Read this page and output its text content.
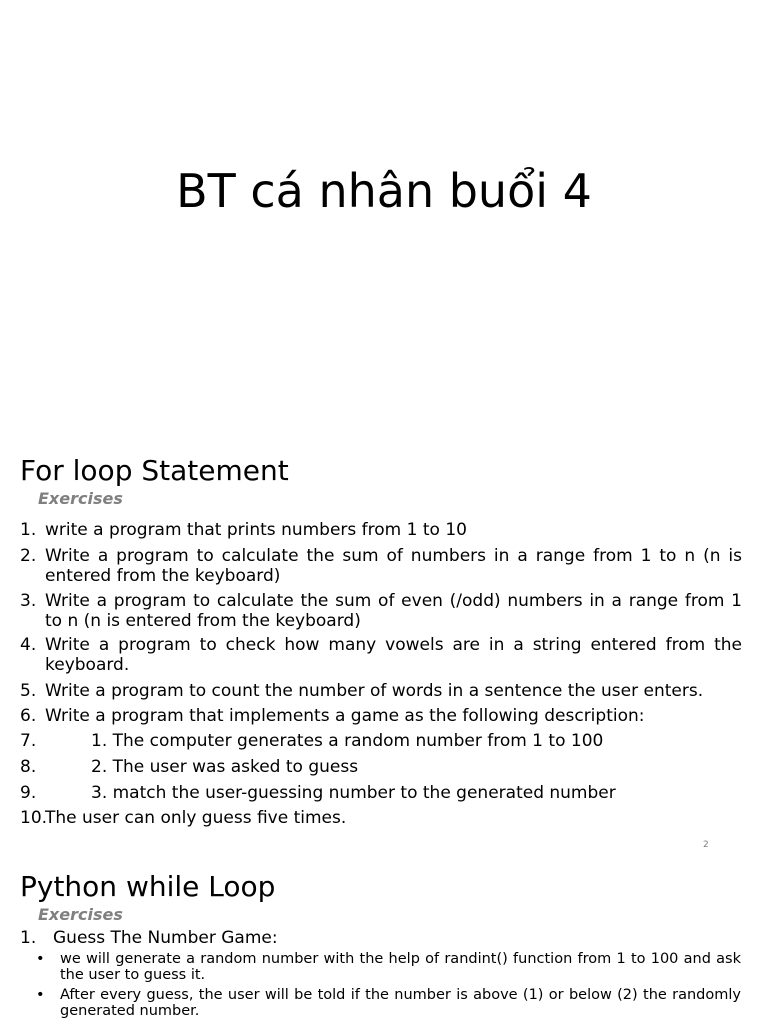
BT cá nhân buổi 4
For loop Statement
Exercises
1. write a program that prints numbers from 1 to 10
2. Write a program to calculate the sum of numbers in a range from 1 to n (n is entered from the keyboard)
3. Write a program to calculate the sum of even (/odd) numbers in a range from 1 to n (n is entered from the keyboard)
4. Write a program to check how many vowels are in a string entered from the keyboard.
5. Write a program to count the number of words in a sentence the user enters.
6. Write a program that implements a game as the following description:
7.	1. The computer generates a random number from 1 to 100
8.	2. The user was asked to guess
9.	3. match the user-guessing number to the generated number
10.
The user can only guess five times.
2
Python while Loop
Exercises
1. Guess The Number Game:
• we will generate a random number with the help of randint() function from 1 to 100 and ask the user to guess it.
• After every guess, the user will be told if the number is above (1) or below (2) the randomly generated number.
